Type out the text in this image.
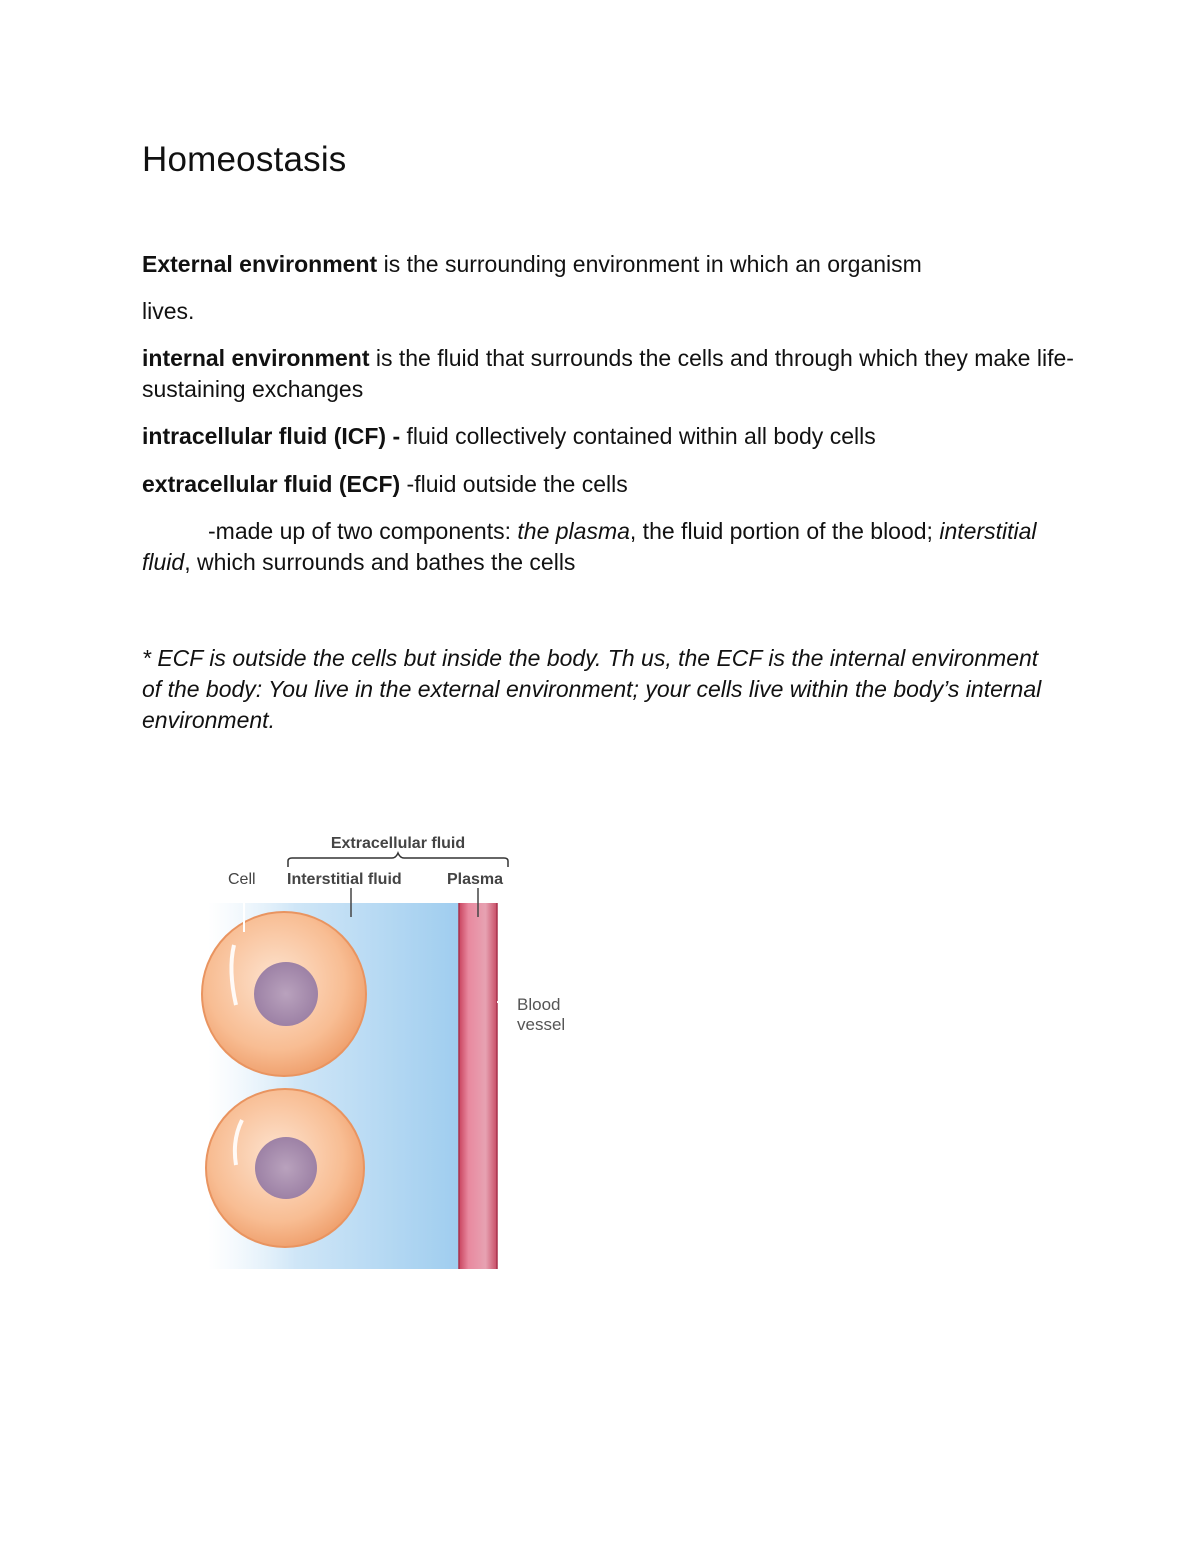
Homeostasis

External environment is the surrounding environment in which an organism

lives.

internal environment is the fluid that surrounds the cells and through which they make life-sustaining exchanges

intracellular fluid (ICF) - fluid collectively contained within all body cells

extracellular fluid (ECF) -fluid outside the cells

-made up of two components: the plasma, the fluid portion of the blood; interstitial fluid, which surrounds and bathes the cells

* ECF is outside the cells but inside the body. Th us, the ECF is the internal environment of the body: You live in the external environment; your cells live within the body’s internal environment.

Extracellular fluid
Cell Interstitial fluid	Plasma
Blood
vessel
